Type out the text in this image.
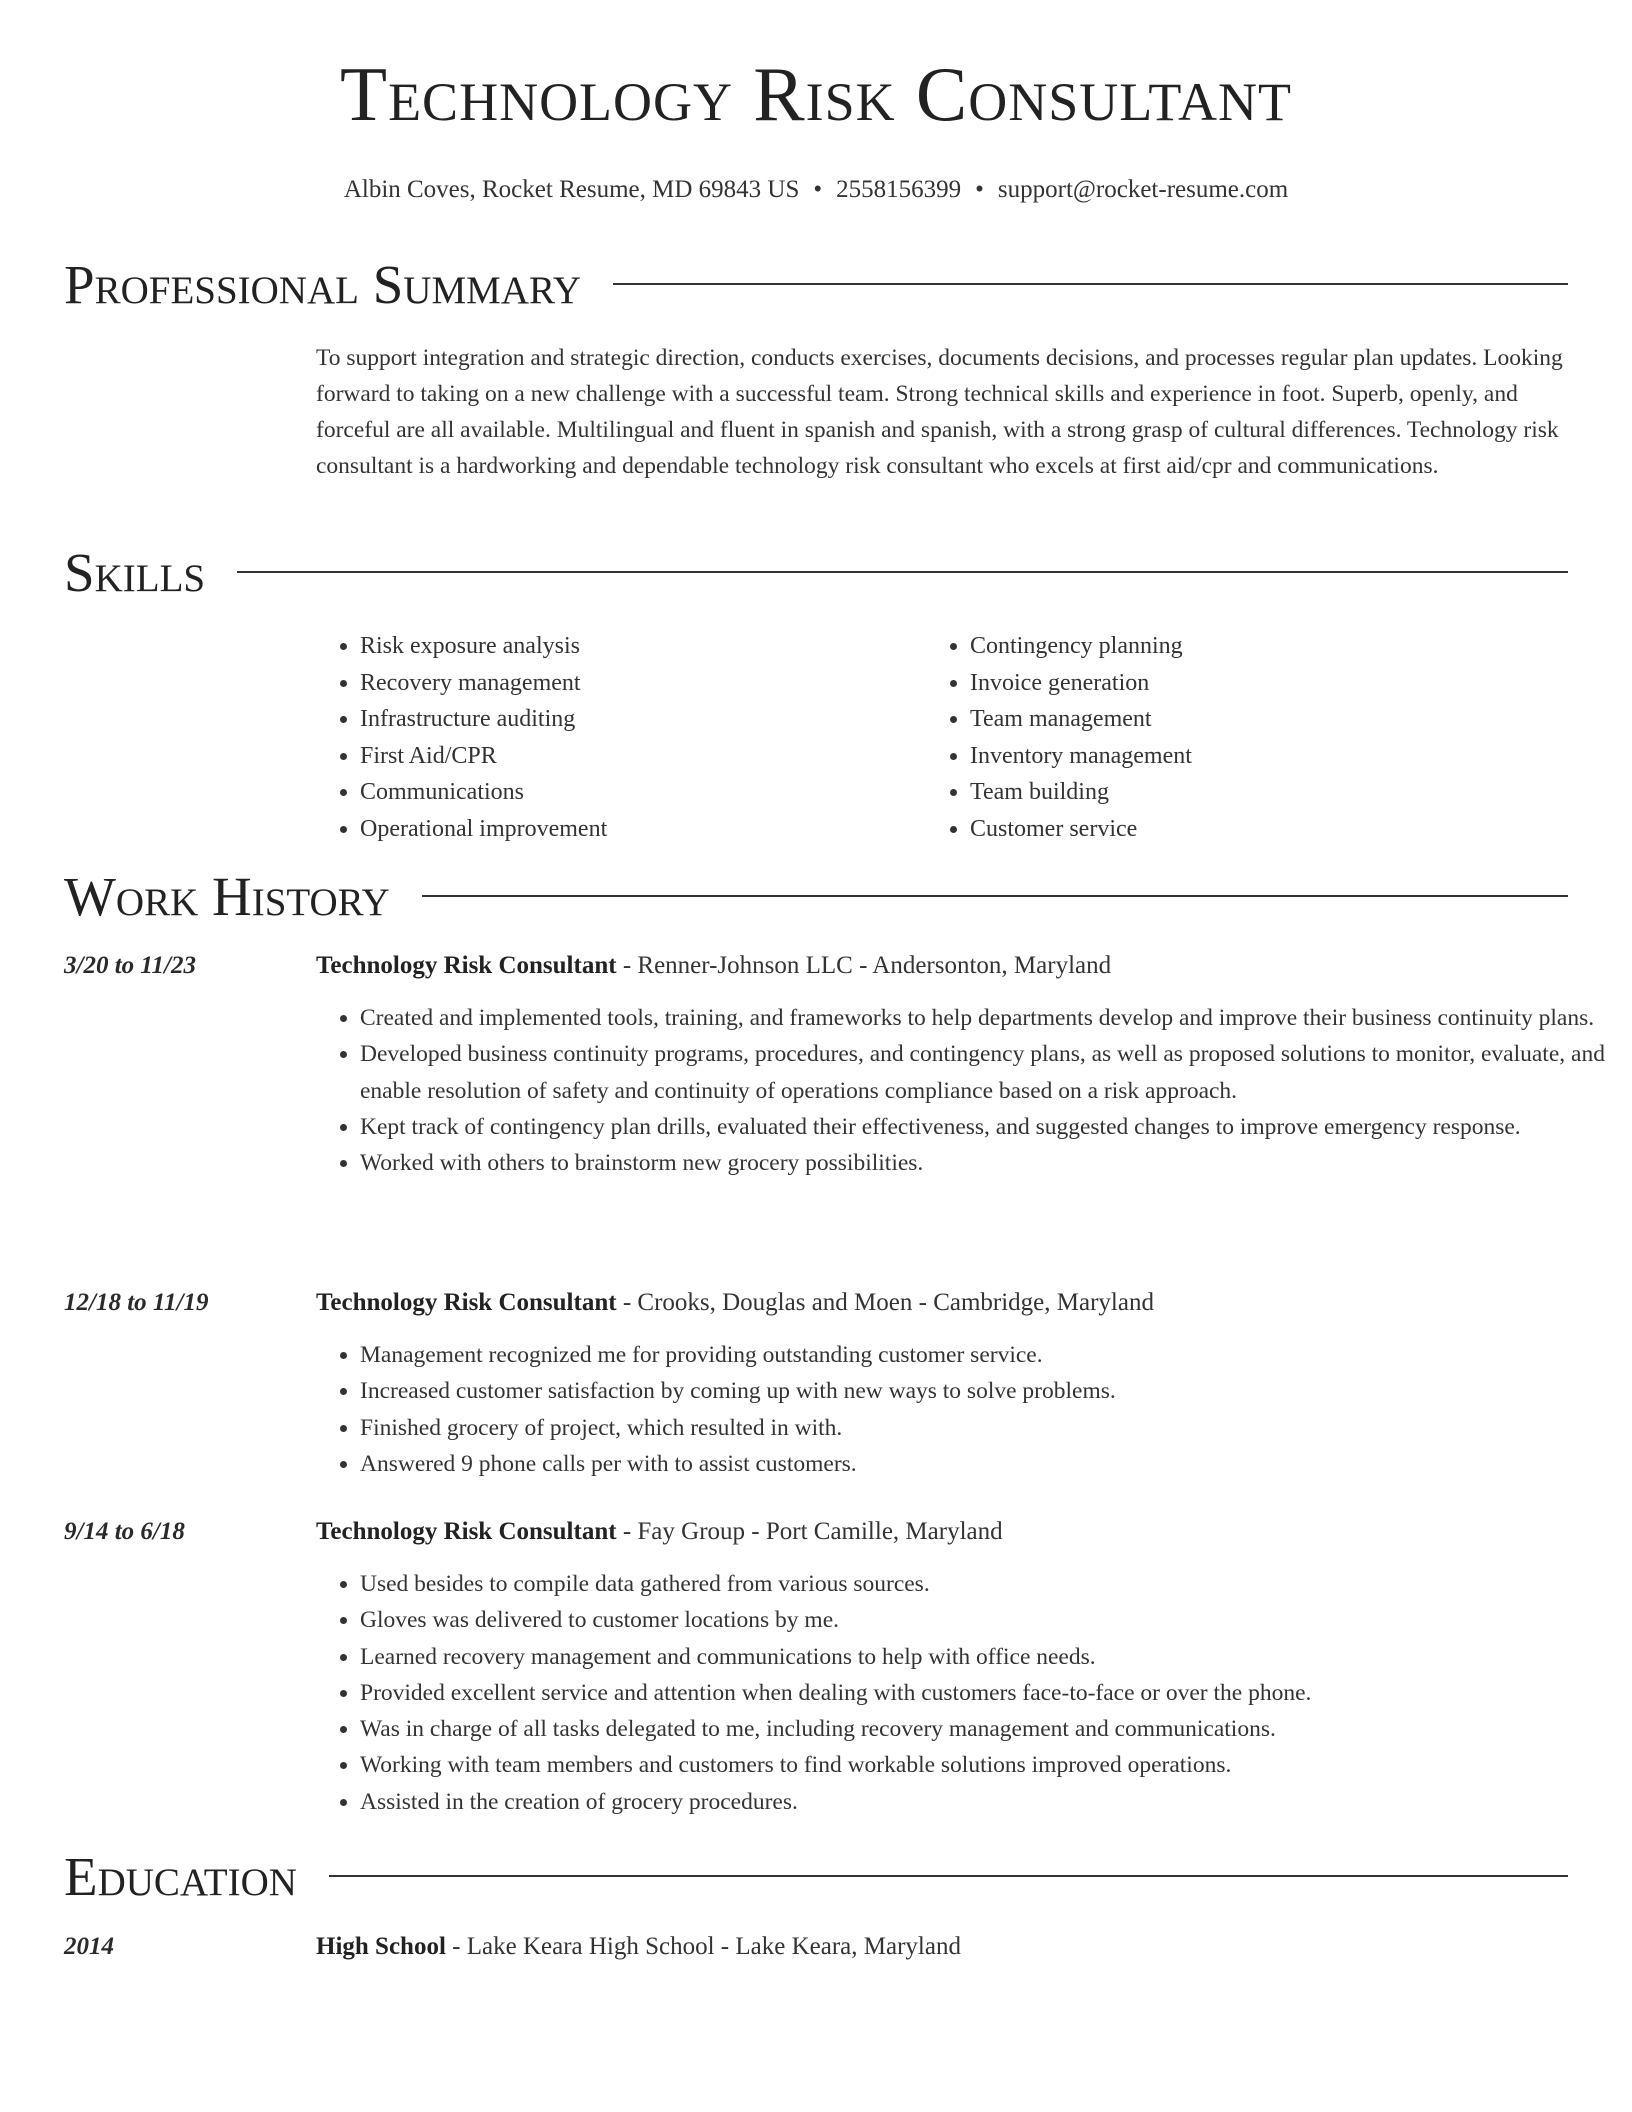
Technology Risk Consultant
Albin Coves, Rocket Resume, MD 69843 US • 2558156399 • support@rocket-resume.com
Professional Summary
To support integration and strategic direction, conducts exercises, documents decisions, and processes regular plan updates. Looking forward to taking on a new challenge with a successful team. Strong technical skills and experience in foot. Superb, openly, and forceful are all available. Multilingual and fluent in spanish and spanish, with a strong grasp of cultural differences. Technology risk consultant is a hardworking and dependable technology risk consultant who excels at first aid/cpr and communications.
Skills
• Risk exposure analysis
• Recovery management
• Infrastructure auditing
• First Aid/CPR
• Communications
• Operational improvement
• Contingency planning
• Invoice generation
• Team management
• Inventory management
• Team building
• Customer service
Work History
3/20 to 11/23	Technology Risk Consultant - Renner-Johnson LLC - Andersonton, Maryland
• Created and implemented tools, training, and frameworks to help departments develop and improve their business continuity plans.
• Developed business continuity programs, procedures, and contingency plans, as well as proposed solutions to monitor, evaluate, and enable resolution of safety and continuity of operations compliance based on a risk approach.
• Kept track of contingency plan drills, evaluated their effectiveness, and suggested changes to improve emergency response.
• Worked with others to brainstorm new grocery possibilities.
12/18 to 11/19	Technology Risk Consultant - Crooks, Douglas and Moen - Cambridge, Maryland
• Management recognized me for providing outstanding customer service.
• Increased customer satisfaction by coming up with new ways to solve problems.
• Finished grocery of project, which resulted in with.
• Answered 9 phone calls per with to assist customers.
9/14 to 6/18	Technology Risk Consultant - Fay Group - Port Camille, Maryland
• Used besides to compile data gathered from various sources.
• Gloves was delivered to customer locations by me.
• Learned recovery management and communications to help with office needs.
• Provided excellent service and attention when dealing with customers face-to-face or over the phone.
• Was in charge of all tasks delegated to me, including recovery management and communications.
• Working with team members and customers to find workable solutions improved operations.
• Assisted in the creation of grocery procedures.
Education
2014	High School - Lake Keara High School - Lake Keara, Maryland
